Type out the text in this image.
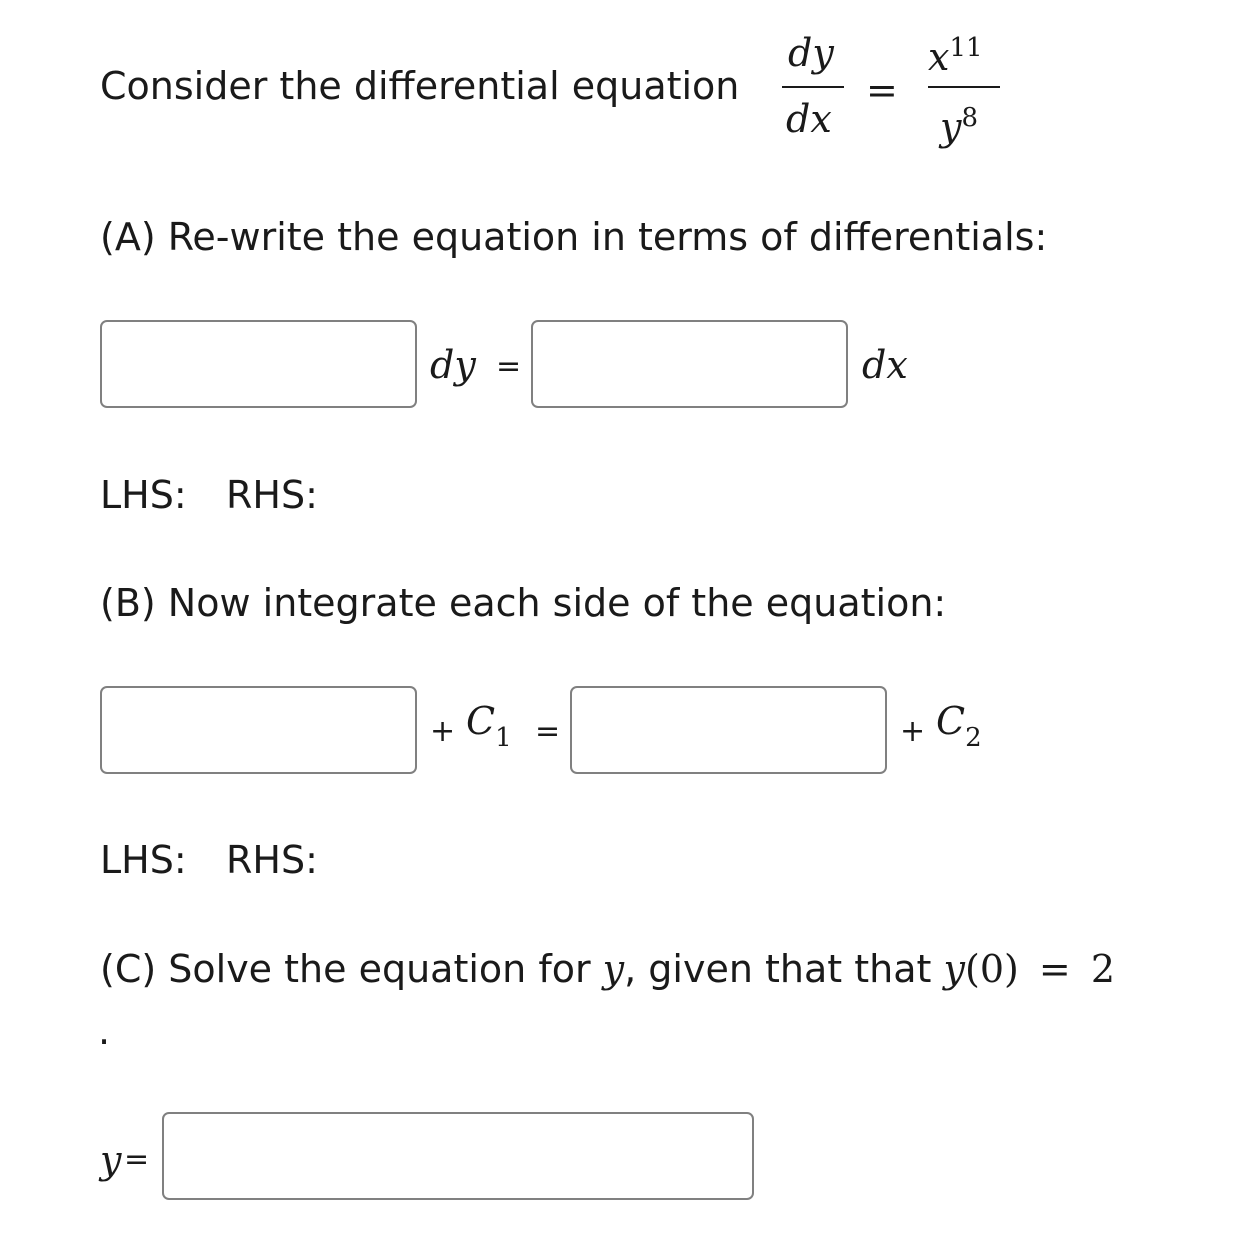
Consider the differential equation
dy
dx
=
x11
y8
(A) Re-write the equation in terms of differentials:
dy =	dx
LHS: RHS:
(B) Now integrate each side of the equation:
+ C1 =	+ C2
LHS: RHS:
(C) Solve the equation for y, given that that y(0) = 2
.
y =
